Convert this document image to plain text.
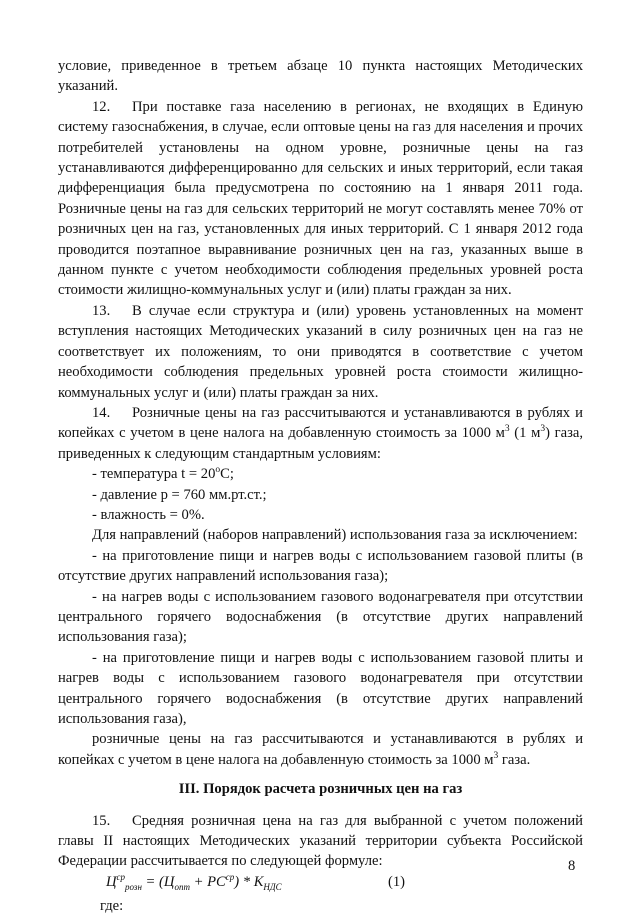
условие, приведенное в третьем абзаце 10 пункта настоящих Методических указаний.

12. При поставке газа населению в регионах, не входящих в Единую систему газоснабжения, в случае, если оптовые цены на газ для населения и прочих потребителей установлены на одном уровне, розничные цены на газ устанавливаются дифференцированно для сельских и иных территорий, если такая дифференциация была предусмотрена по состоянию на 1 января 2011 года. Розничные цены на газ для сельских территорий не могут составлять менее 70% от розничных цен на газ, установленных для иных территорий. С 1 января 2012 года проводится поэтапное выравнивание розничных цен на газ, указанных выше в данном пункте с учетом необходимости соблюдения предельных уровней роста стоимости жилищно-коммунальных услуг и (или) платы граждан за них.

13. В случае если структура и (или) уровень установленных на момент вступления настоящих Методических указаний в силу розничных цен на газ не соответствует их положениям, то они приводятся в соответствие с учетом необходимости соблюдения предельных уровней роста стоимости жилищно-коммунальных услуг и (или) платы граждан за них.

14. Розничные цены на газ рассчитываются и устанавливаются в рублях и копейках с учетом в цене налога на добавленную стоимость за 1000 $м^3$ (1 $м^3$) газа, приведенных к следующим стандартным условиям:

- температура $t = 20^oC$;

- давление р = 760 мм.рт.ст.;

- влажность = 0%.

Для направлений (наборов направлений) использования газа за исключением:

- на приготовление пищи и нагрев воды с использованием газовой плиты (в отсутствие других направлений использования газа);

- на нагрев воды с использованием газового водонагревателя при отсутствии центрального горячего водоснабжения (в отсутствие других направлений использования газа);

- на приготовление пищи и нагрев воды с использованием газовой плиты и нагрев воды с использованием газового водонагревателя при отсутствии центрального горячего водоснабжения (в отсутствие других направлений использования газа),

розничные цены на газ рассчитываются и устанавливаются в рублях и копейках с учетом в цене налога на добавленную стоимость за 1000 $м^3$ газа.

III. Порядок расчета розничных цен на газ

15. Средняя розничная цена на газ для выбранной с учетом положений главы II настоящих Методических указаний территории субъекта Российской Федерации рассчитывается по следующей формуле:

$Ц^{ср}_{розн} = (Ц_{опт} + РС^{ср}) * К_{НДС}$	(1)

где:

8
